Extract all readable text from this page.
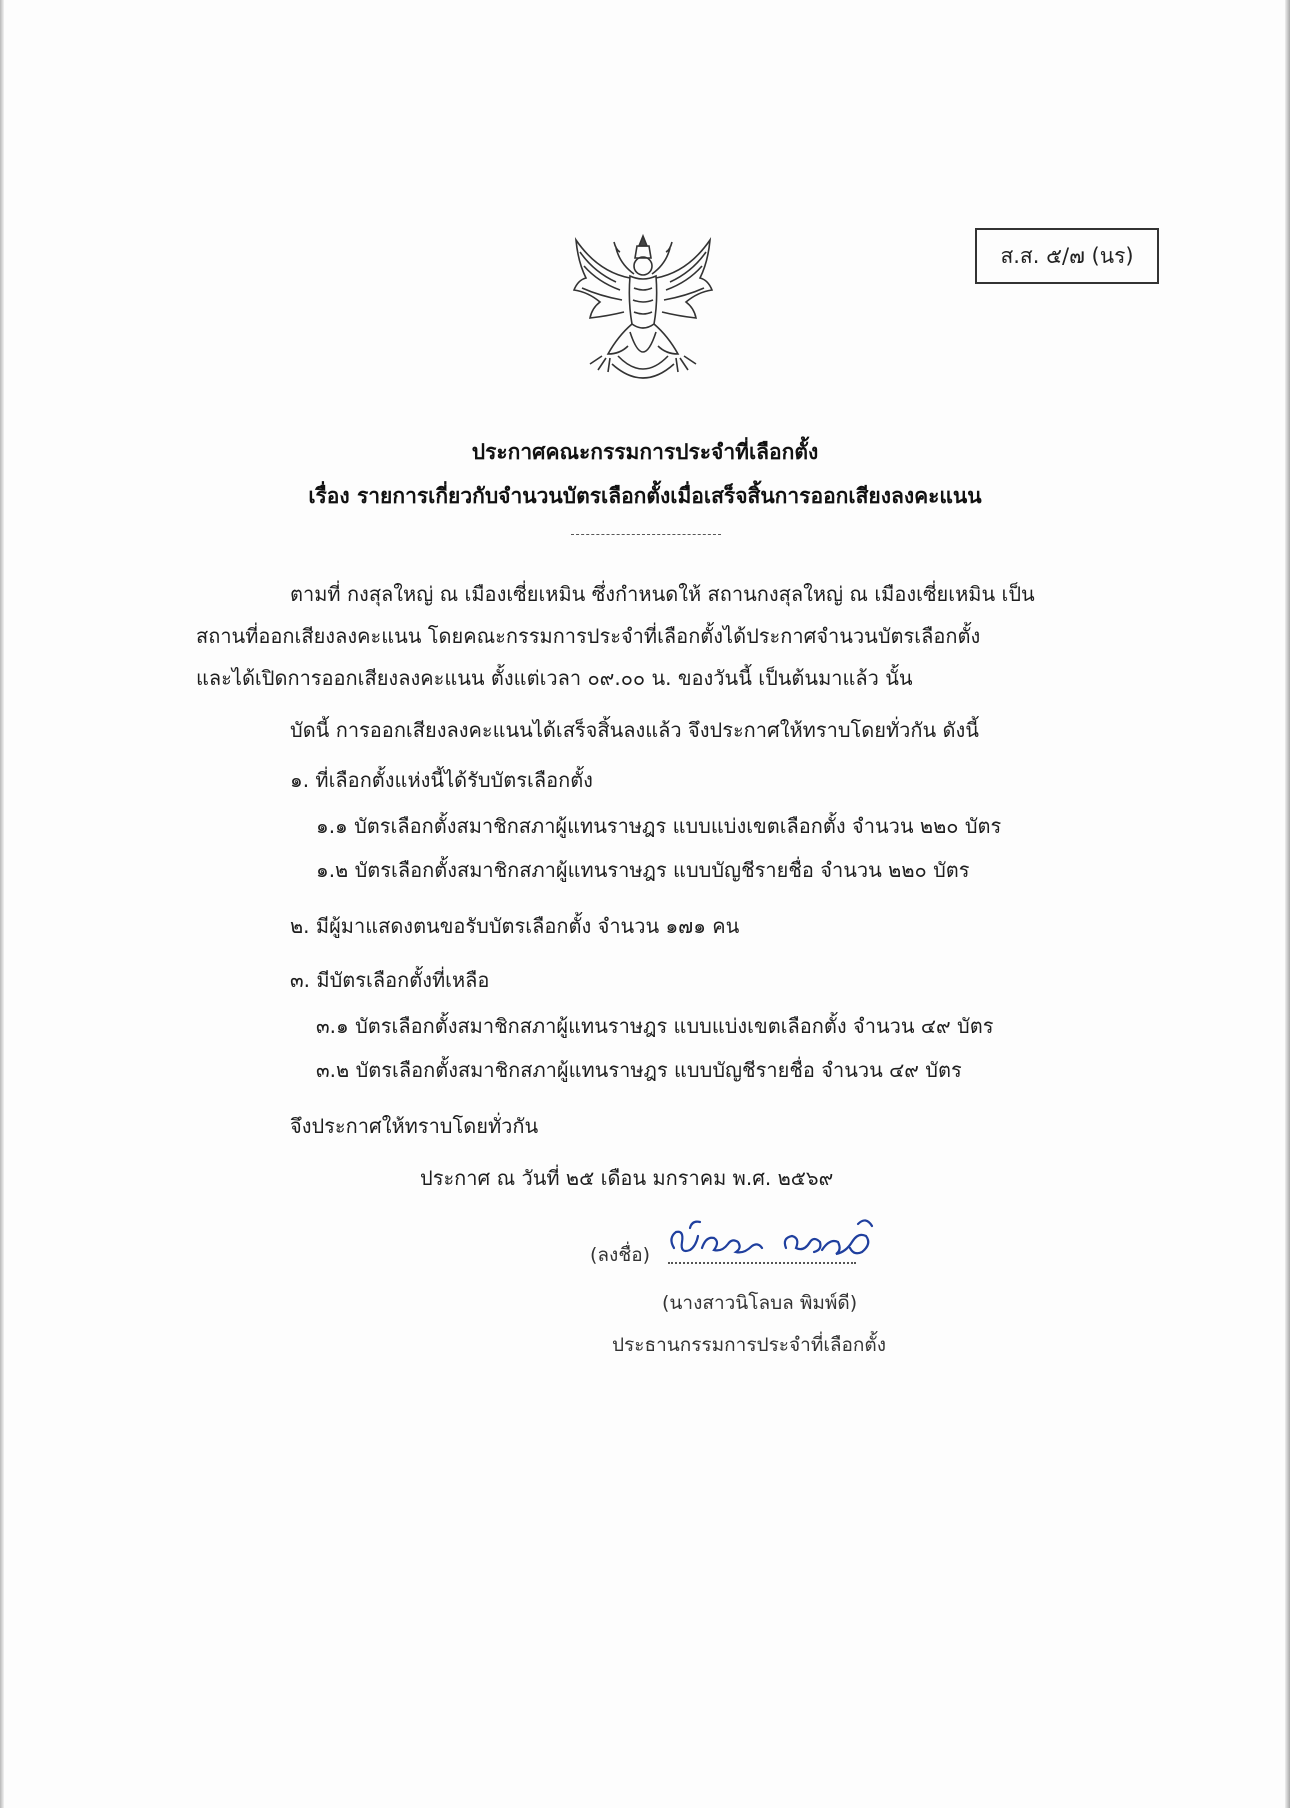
ส.ส. ๕/๗ (นร)
ประกาศคณะกรรมการประจำที่เลือกตั้ง
เรื่อง รายการเกี่ยวกับจำนวนบัตรเลือกตั้งเมื่อเสร็จสิ้นการออกเสียงลงคะแนน
ตามที่ กงสุลใหญ่ ณ เมืองเซี่ยเหมิน ซึ่งกำหนดให้ สถานกงสุลใหญ่ ณ เมืองเซี่ยเหมิน เป็น
สถานที่ออกเสียงลงคะแนน โดยคณะกรรมการประจำที่เลือกตั้งได้ประกาศจำนวนบัตรเลือกตั้ง
และได้เปิดการออกเสียงลงคะแนน ตั้งแต่เวลา ๐๙.๐๐ น. ของวันนี้ เป็นต้นมาแล้ว นั้น
บัดนี้ การออกเสียงลงคะแนนได้เสร็จสิ้นลงแล้ว จึงประกาศให้ทราบโดยทั่วกัน ดังนี้
๑. ที่เลือกตั้งแห่งนี้ได้รับบัตรเลือกตั้ง
๑.๑ บัตรเลือกตั้งสมาชิกสภาผู้แทนราษฎร แบบแบ่งเขตเลือกตั้ง จำนวน ๒๒๐ บัตร
๑.๒ บัตรเลือกตั้งสมาชิกสภาผู้แทนราษฎร แบบบัญชีรายชื่อ จำนวน ๒๒๐ บัตร
๒. มีผู้มาแสดงตนขอรับบัตรเลือกตั้ง จำนวน ๑๗๑ คน
๓. มีบัตรเลือกตั้งที่เหลือ
๓.๑ บัตรเลือกตั้งสมาชิกสภาผู้แทนราษฎร แบบแบ่งเขตเลือกตั้ง จำนวน ๔๙ บัตร
๓.๒ บัตรเลือกตั้งสมาชิกสภาผู้แทนราษฎร แบบบัญชีรายชื่อ จำนวน ๔๙ บัตร
จึงประกาศให้ทราบโดยทั่วกัน
ประกาศ ณ วันที่ ๒๕ เดือน มกราคม พ.ศ. ๒๕๖๙
(ลงชื่อ)
(นางสาวนิโลบล พิมพ์ดี)
ประธานกรรมการประจำที่เลือกตั้ง
